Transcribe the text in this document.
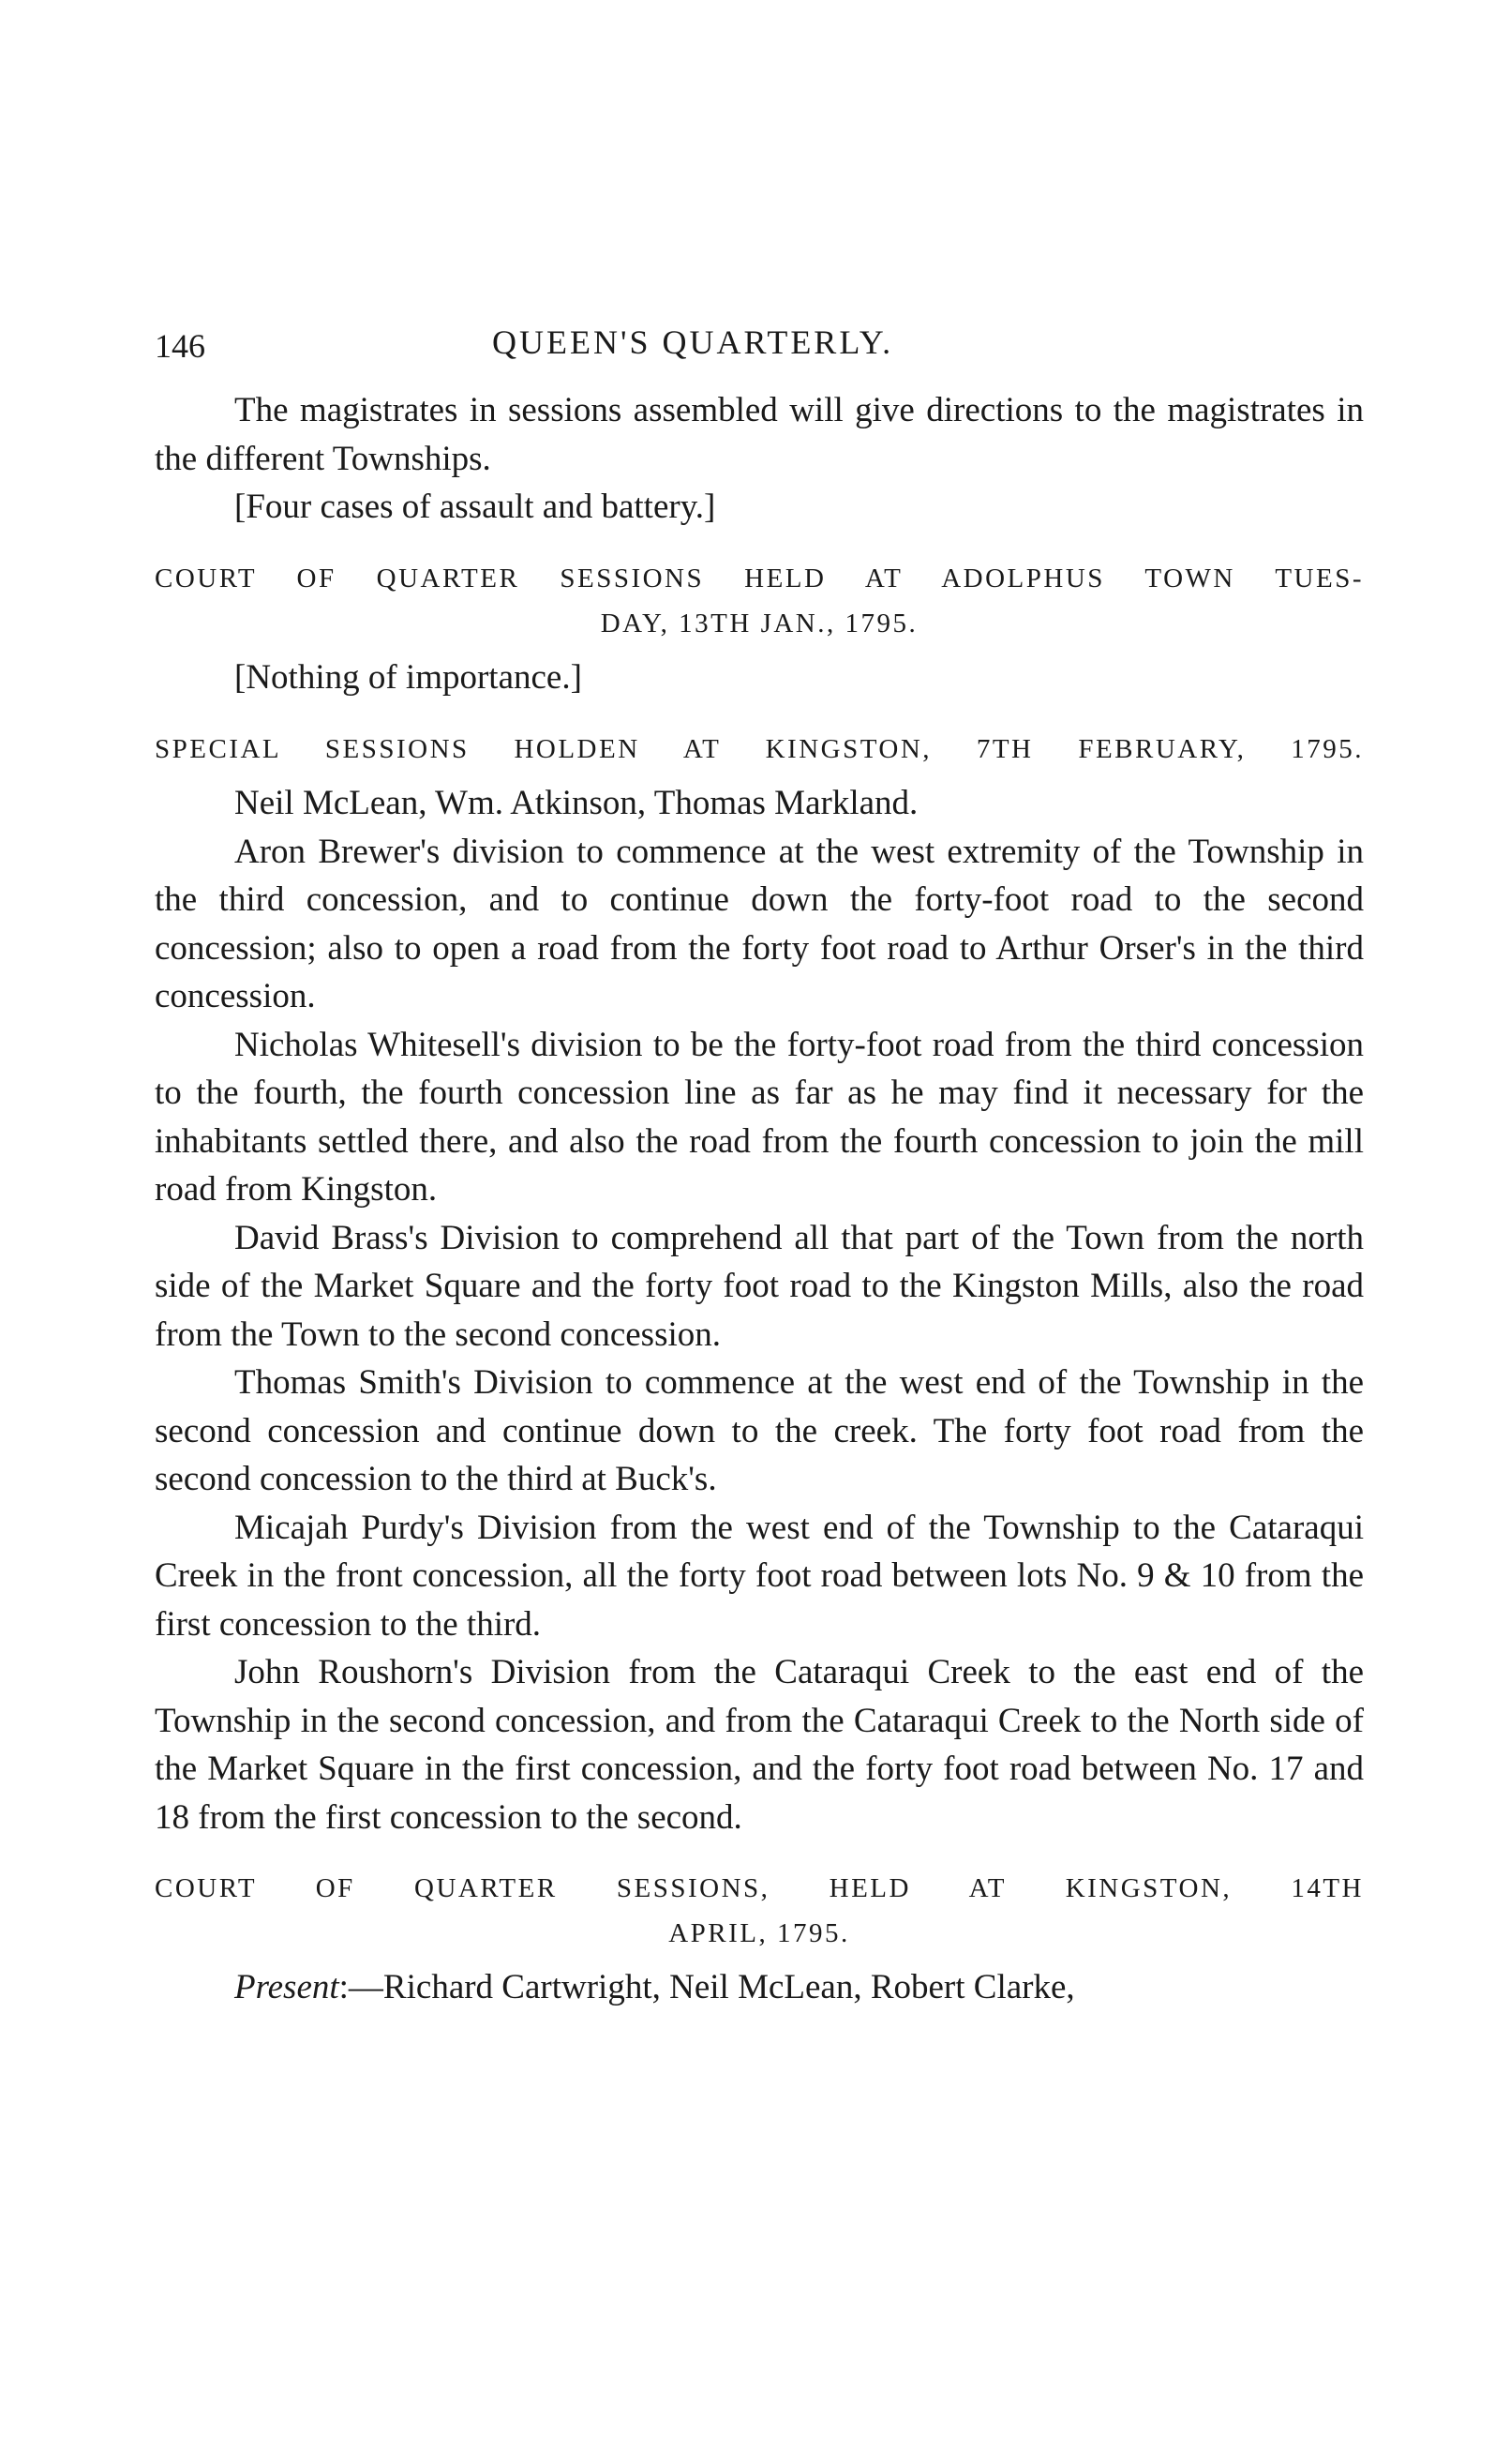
146	QUEEN'S QUARTERLY.

The magistrates in sessions assembled will give directions to the magistrates in the different Townships.

[Four cases of assault and battery.]

COURT OF QUARTER SESSIONS HELD AT ADOLPHUS TOWN TUES-
DAY, 13TH JAN., 1795.

[Nothing of importance.]

SPECIAL SESSIONS HOLDEN AT KINGSTON, 7TH FEBRUARY, 1795.

Neil McLean, Wm. Atkinson, Thomas Markland.

Aron Brewer's division to commence at the west extremity of the Township in the third concession, and to continue down the forty-foot road to the second concession; also to open a road from the forty foot road to Arthur Orser's in the third concession.

Nicholas Whitesell's division to be the forty-foot road from the third concession to the fourth, the fourth concession line as far as he may find it necessary for the inhabitants settled there, and also the road from the fourth concession to join the mill road from Kingston.

David Brass's Division to comprehend all that part of the Town from the north side of the Market Square and the forty foot road to the Kingston Mills, also the road from the Town to the second concession.

Thomas Smith's Division to commence at the west end of the Township in the second concession and continue down to the creek. The forty foot road from the second concession to the third at Buck's.

Micajah Purdy's Division from the west end of the Township to the Cataraqui Creek in the front concession, all the forty foot road between lots No. 9 & 10 from the first concession to the third.

John Roushorn's Division from the Cataraqui Creek to the east end of the Township in the second concession, and from the Cataraqui Creek to the North side of the Market Square in the first concession, and the forty foot road between No. 17 and 18 from the first concession to the second.

COURT OF QUARTER SESSIONS, HELD AT KINGSTON, 14TH
APRIL, 1795.

Present:—Richard Cartwright, Neil McLean, Robert Clarke,
